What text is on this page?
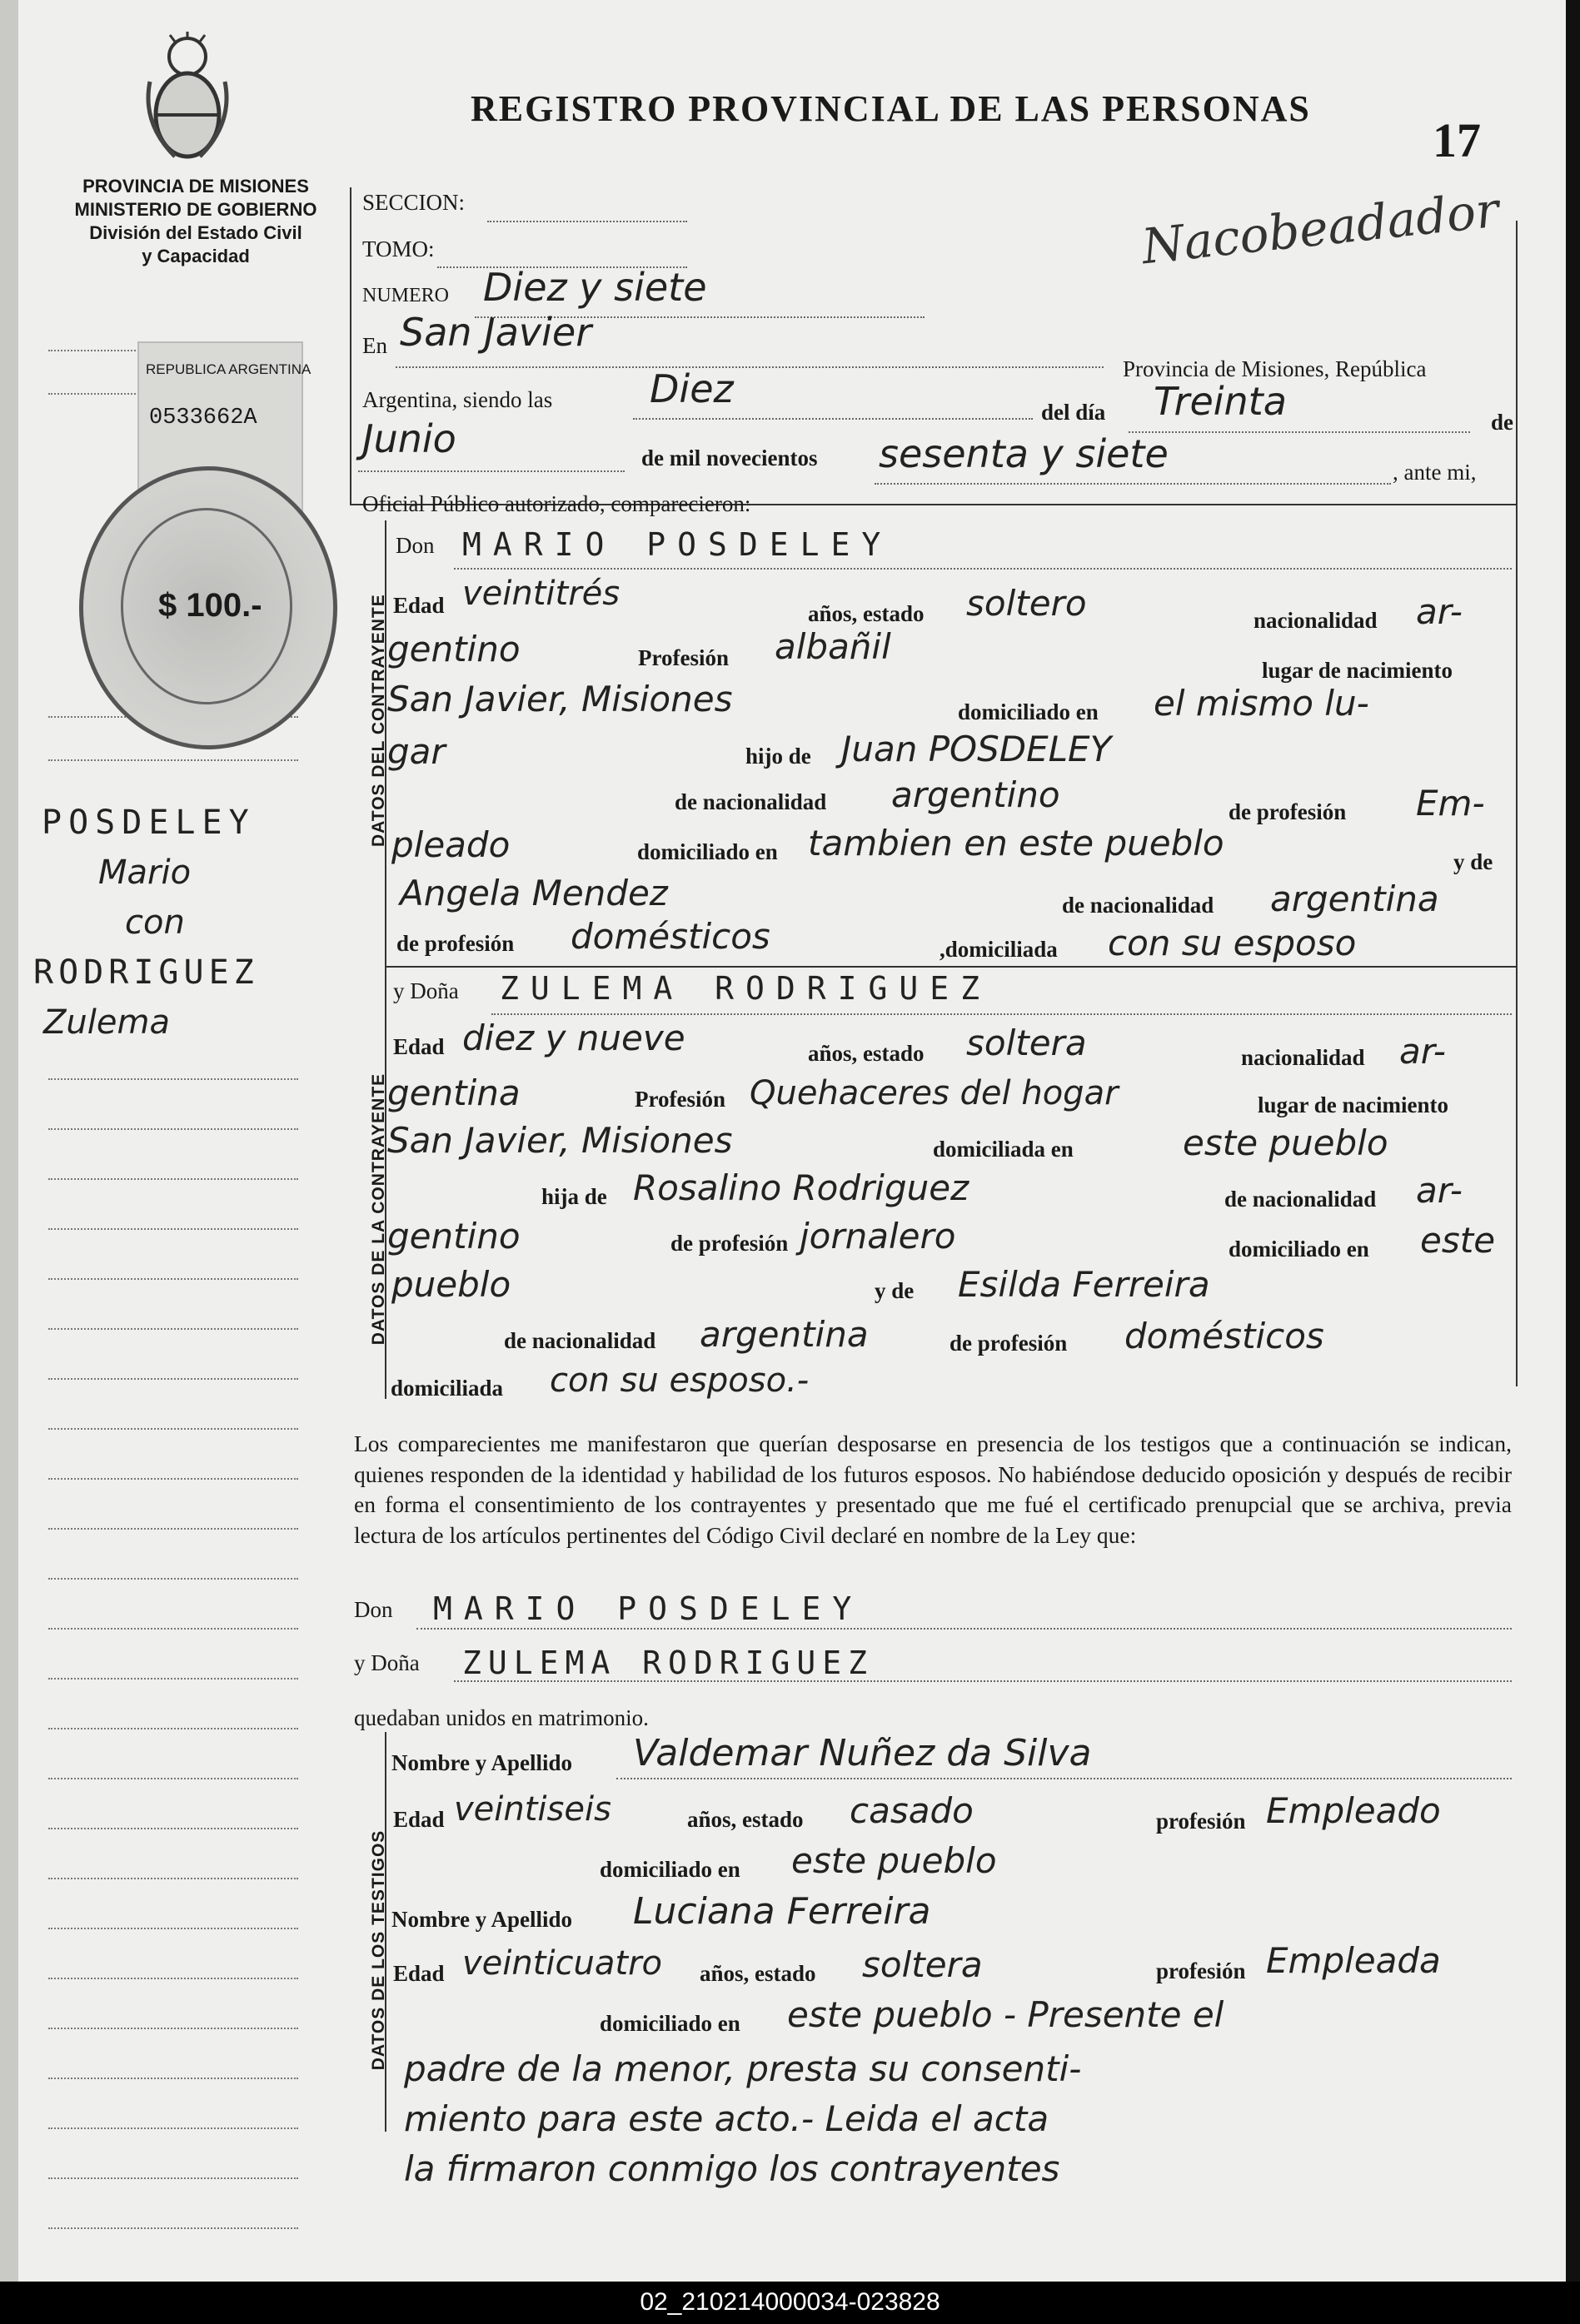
PROVINCIA DE MISIONES
MINISTERIO DE GOBIERNO
División del Estado Civil
y Capacidad
REGISTRO PROVINCIAL DE LAS PERSONAS
17
REPUBLICA ARGENTINA
0533662A
$ 100.-
POSDELEY
Mario
con
RODRIGUEZ
Zulema
Nacobeadador
SECCION:
TOMO:
NUMERO Diez y siete
En San Javier
Provincia de Misiones, República
Argentina, siendo las	Diez
del día Treinta	de
Junio	de mil novecientos sesenta y siete	, ante mi,
Oficial Público autorizado, comparecieron:
DATOS DEL CONTRAYENTE
DATOS DE LA CONTRAYENTE
DATOS DE LOS TESTIGOS
Don MARIO POSDELEY
Edad veintitrés
años, estado soltero	nacionalidad ar-
gentino	Profesión albañil
lugar de nacimiento
San Javier, Misiones	domiciliado en el mismo lu-
gar	hijo de Juan POSDELEY
de nacionalidad argentino	de profesión Em-
pleado	domiciliado en tambien en este pueblo	y de
Angela Mendez	de nacionalidad argentina
de profesión domésticos	,domiciliada con su esposo
y Doña ZULEMA RODRIGUEZ
Edad diez y nueve	años, estado soltera	nacionalidad ar-
gentina	Profesión Quehaceres del hogar	lugar de nacimiento
San Javier, Misiones	domiciliada en	este pueblo
hija de Rosalino Rodriguez	de nacionalidad ar-
gentino	de profesión jornalero	domiciliado en este
pueblo	y de Esilda Ferreira
de nacionalidad argentina	de profesión domésticos
domiciliada con su esposo.-
Los comparecientes me manifestaron que querían desposarse en presencia de los testigos que a continuación se indican, quienes responden de la identidad y habilidad de los futuros esposos. No habiéndose deducido oposición y después de recibir en forma el consentimiento de los contrayentes y presentado que me fué el certificado prenupcial que se archiva, previa lectura de los artículos pertinentes del Código Civil declaré en nombre de la Ley que:
Don MARIO POSDELEY
y Doña ZULEMA RODRIGUEZ
quedaban unidos en matrimonio.
Nombre y Apellido Valdemar Nuñez da Silva
Edad veintiseis	años, estado casado	profesión Empleado
domiciliado en este pueblo
Nombre y Apellido Luciana Ferreira
Edad veinticuatro años, estado soltera	profesión Empleada
domiciliado en este pueblo - Presente el
padre de la menor, presta su consenti-
miento para este acto.- Leida el acta
la firmaron conmigo los contrayentes
02_210214000034-023828
